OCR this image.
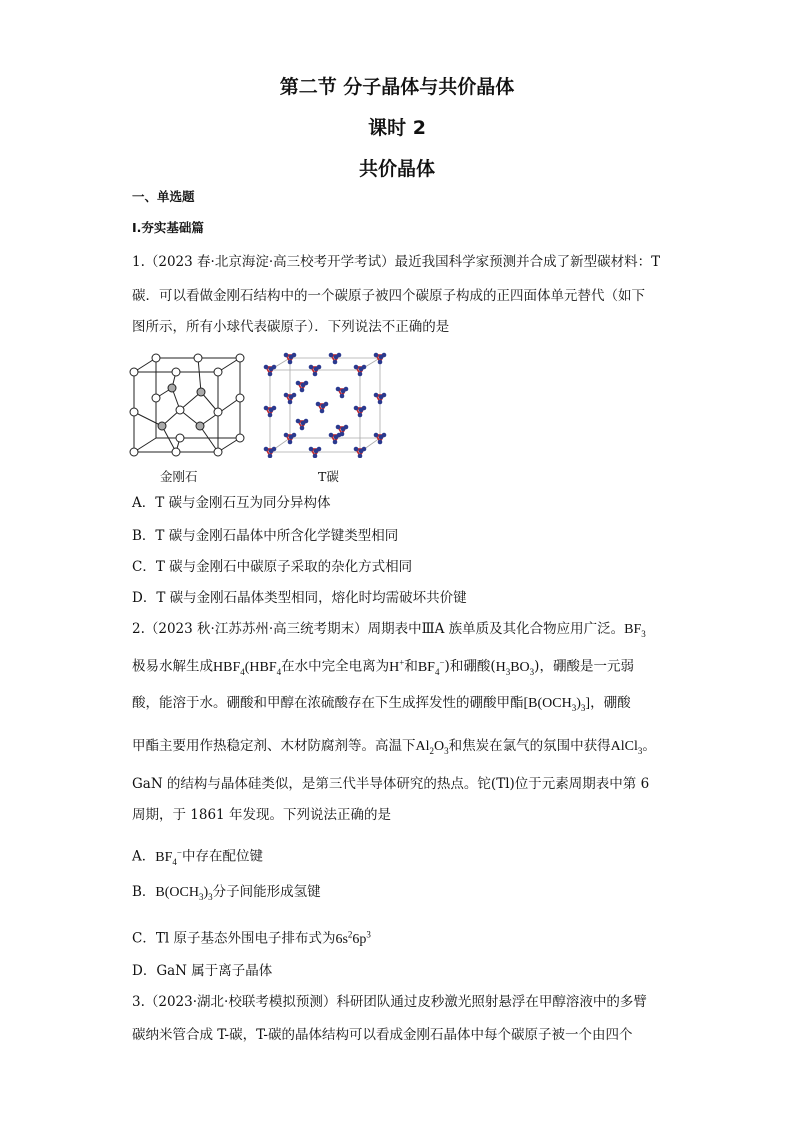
第二节 分子晶体与共价晶体
课时 2
共价晶体
一、单选题
Ⅰ.夯实基础篇
1.（2023 春·北京海淀·高三校考开学考试）最近我国科学家预测并合成了新型碳材料：T
碳．可以看做金刚石结构中的一个碳原子被四个碳原子构成的正四面体单元替代（如下
图所示，所有小球代表碳原子）．下列说法不正确的是
金刚石	T碳
A．T 碳与金刚石互为同分异构体
B．T 碳与金刚石晶体中所含化学键类型相同
C．T 碳与金刚石中碳原子采取的杂化方式相同
D．T 碳与金刚石晶体类型相同，熔化时均需破坏共价键
2.（2023 秋·江苏苏州·高三统考期末）周期表中ⅢA 族单质及其化合物应用广泛。$BF_3$
极易水解生成$HBF_4(HBF_4$在水中完全电离为H+和$BF_4^-$)和硼酸$(H_3BO_3)$，硼酸是一元弱
酸，能溶于水。硼酸和甲醇在浓硫酸存在下生成挥发性的硼酸甲酯$[B(OCH_3)_3]$，硼酸
甲酯主要用作热稳定剂、木材防腐剂等。高温下$Al_2O_3$和焦炭在氯气的氛围中获得AlCl$_3$。
GaN 的结构与晶体硅类似，是第三代半导体研究的热点。铊(Tl)位于元素周期表中第 6
周期，于 1861 年发现。下列说法正确的是
A．$BF_4^-$中存在配位键
B．$B(OCH_3)_3$分子间能形成氢键
C．Tl 原子基态外围电子排布式为$6s^26p^3$
D．GaN 属于离子晶体
3.（2023·湖北·校联考模拟预测）科研团队通过皮秒激光照射悬浮在甲醇溶液中的多臂
碳纳米管合成 T-碳，T-碳的晶体结构可以看成金刚石晶体中每个碳原子被一个由四个
